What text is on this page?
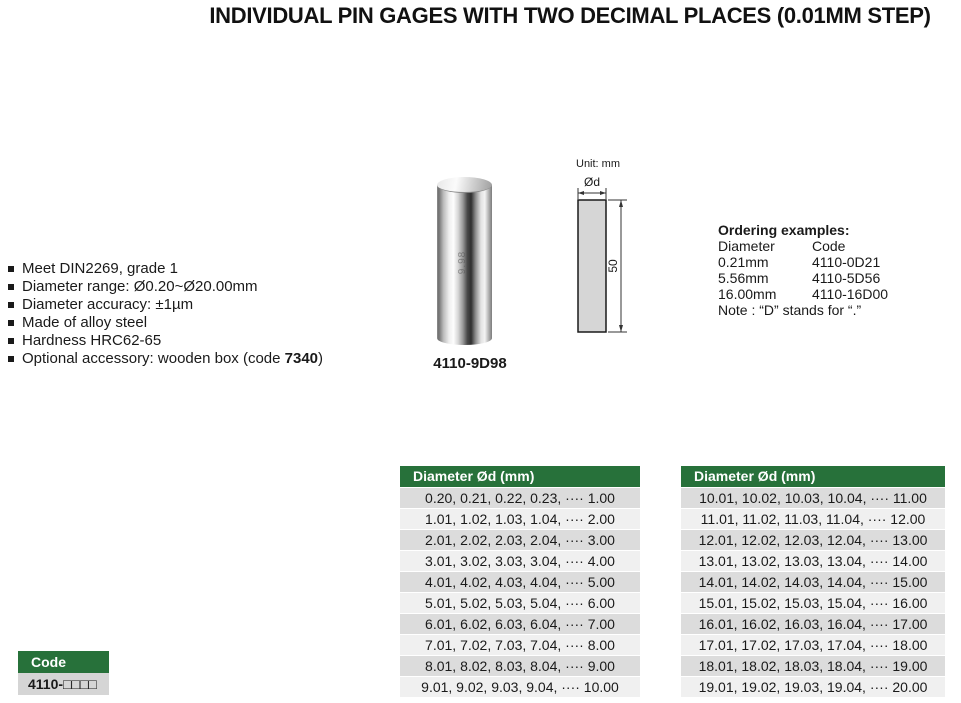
INDIVIDUAL PIN GAGES WITH TWO DECIMAL PLACES (0.01MM STEP)
Meet DIN2269, grade 1
Diameter range: Ø0.20~Ø20.00mm
Diameter accuracy: ±1µm
Made of alloy steel
Hardness HRC62-65
Optional accessory: wooden box (code 7340)
9.98
4110-9D98
Unit: mm
Ød
50
Ordering examples:
Diameter	Code
0.21mm	4110-0D21
5.56mm	4110-5D56
16.00mm	4110-16D00
Note : “D” stands for “.”
Diameter Ød (mm)
0.20, 0.21, 0.22, 0.23, ···· 1.00
1.01, 1.02, 1.03, 1.04, ···· 2.00
2.01, 2.02, 2.03, 2.04, ···· 3.00
3.01, 3.02, 3.03, 3.04, ···· 4.00
4.01, 4.02, 4.03, 4.04, ···· 5.00
5.01, 5.02, 5.03, 5.04, ···· 6.00
6.01, 6.02, 6.03, 6.04, ···· 7.00
7.01, 7.02, 7.03, 7.04, ···· 8.00
8.01, 8.02, 8.03, 8.04, ···· 9.00
9.01, 9.02, 9.03, 9.04, ···· 10.00
Diameter Ød (mm)
10.01, 10.02, 10.03, 10.04, ···· 11.00
11.01, 11.02, 11.03, 11.04, ···· 12.00
12.01, 12.02, 12.03, 12.04, ···· 13.00
13.01, 13.02, 13.03, 13.04, ···· 14.00
14.01, 14.02, 14.03, 14.04, ···· 15.00
15.01, 15.02, 15.03, 15.04, ···· 16.00
16.01, 16.02, 16.03, 16.04, ···· 17.00
17.01, 17.02, 17.03, 17.04, ···· 18.00
18.01, 18.02, 18.03, 18.04, ···· 19.00
19.01, 19.02, 19.03, 19.04, ···· 20.00
Code
4110-□□□□
